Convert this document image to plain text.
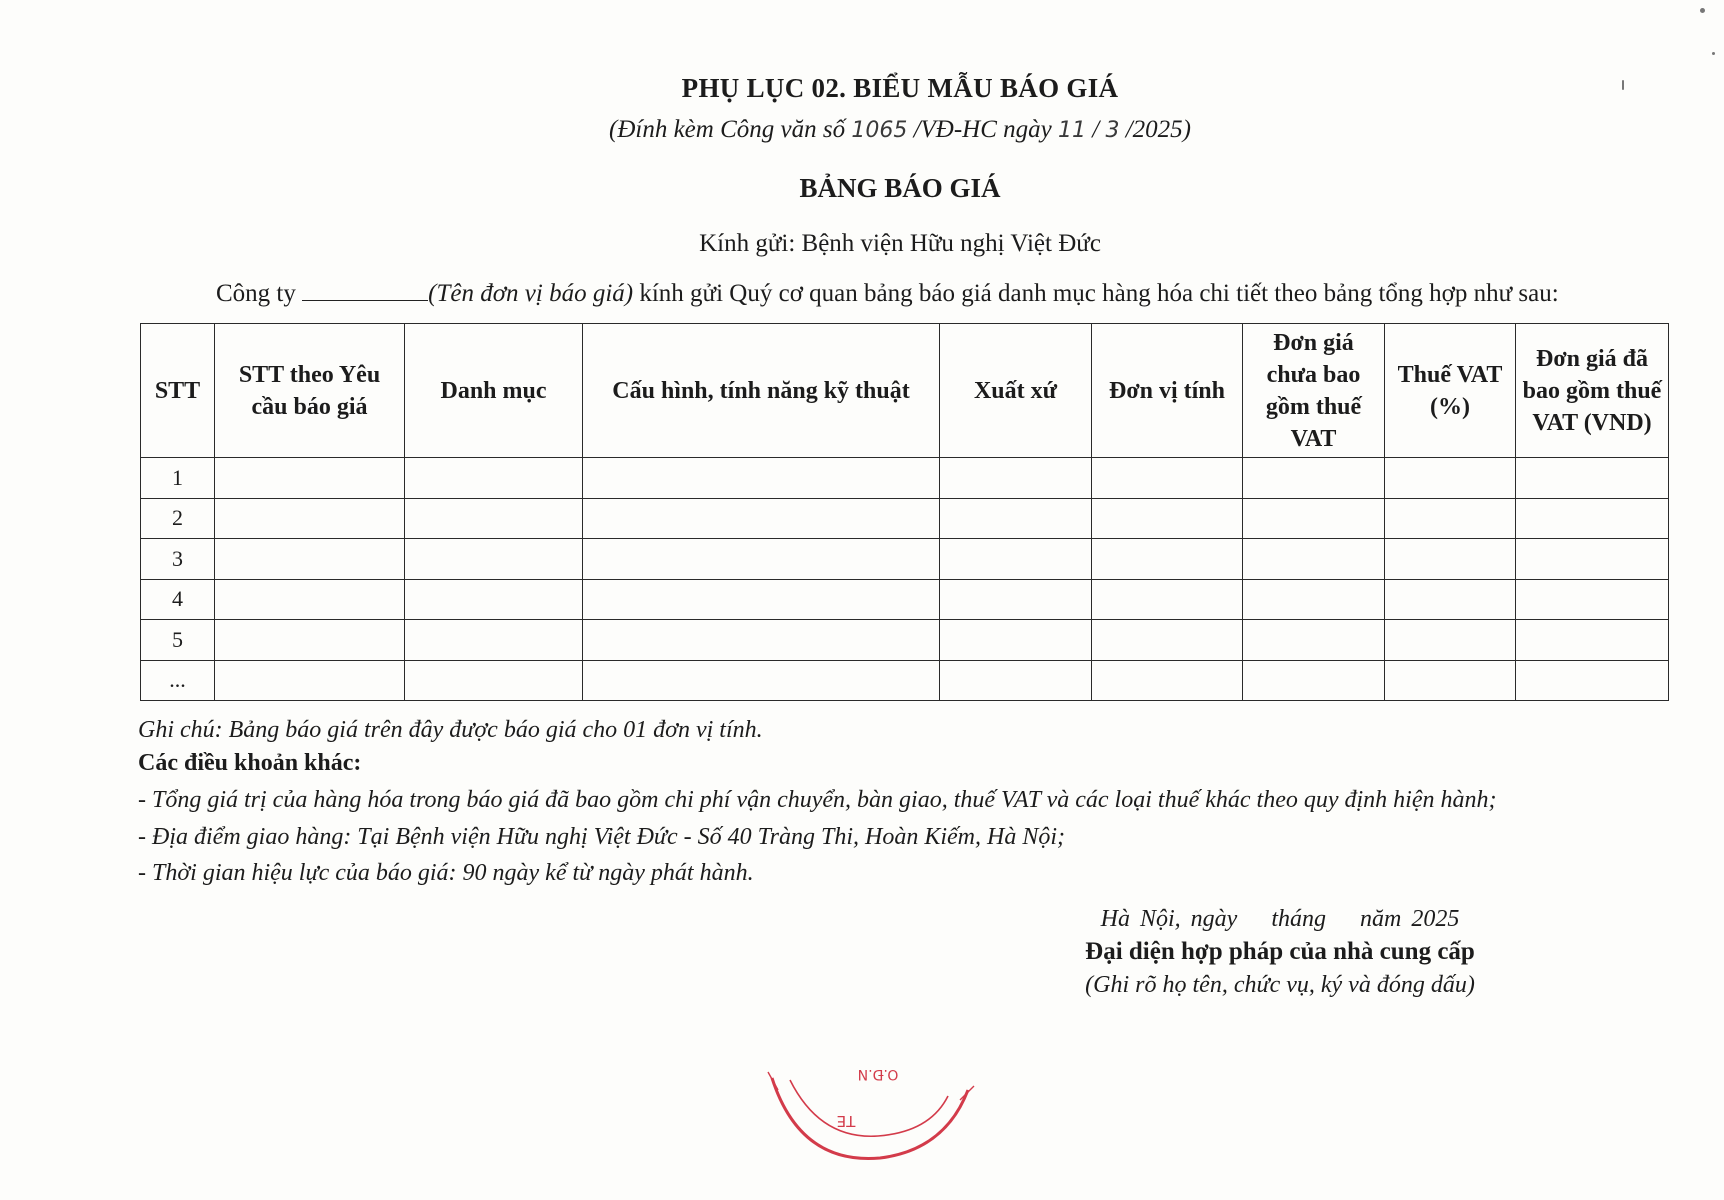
PHỤ LỤC 02. BIỂU MẪU BÁO GIÁ
(Đính kèm Công văn số 1065 /VĐ-HC ngày 11 / 3 /2025)
BẢNG BÁO GIÁ
Kính gửi: Bệnh viện Hữu nghị Việt Đức
Công ty	(Tên đơn vị báo giá) kính gửi Quý cơ quan bảng báo giá danh mục hàng hóa chi tiết theo bảng tổng hợp như sau:
STT	STT theo Yêu cầu báo giá	Danh mục	Cấu hình, tính năng kỹ thuật	Xuất xứ	Đơn vị tính	Đơn giá chưa bao gồm thuế VAT	Thuế VAT (%)	Đơn giá đã bao gồm thuế VAT (VND)
1								
2								
3								
4								
5								
...								
Ghi chú: Bảng báo giá trên đây được báo giá cho 01 đơn vị tính.
Các điều khoản khác:
- Tổng giá trị của hàng hóa trong báo giá đã bao gồm chi phí vận chuyển, bàn giao, thuế VAT và các loại thuế khác theo quy định hiện hành;
- Địa điểm giao hàng: Tại Bệnh viện Hữu nghị Việt Đức - Số 40 Tràng Thi, Hoàn Kiếm, Hà Nội;
- Thời gian hiệu lực của báo giá: 90 ngày kể từ ngày phát hành.
Hà Nội, ngày tháng năm 2025
Đại diện hợp pháp của nhà cung cấp
(Ghi rõ họ tên, chức vụ, ký và đóng dấu)
O.Đ.N
TE
